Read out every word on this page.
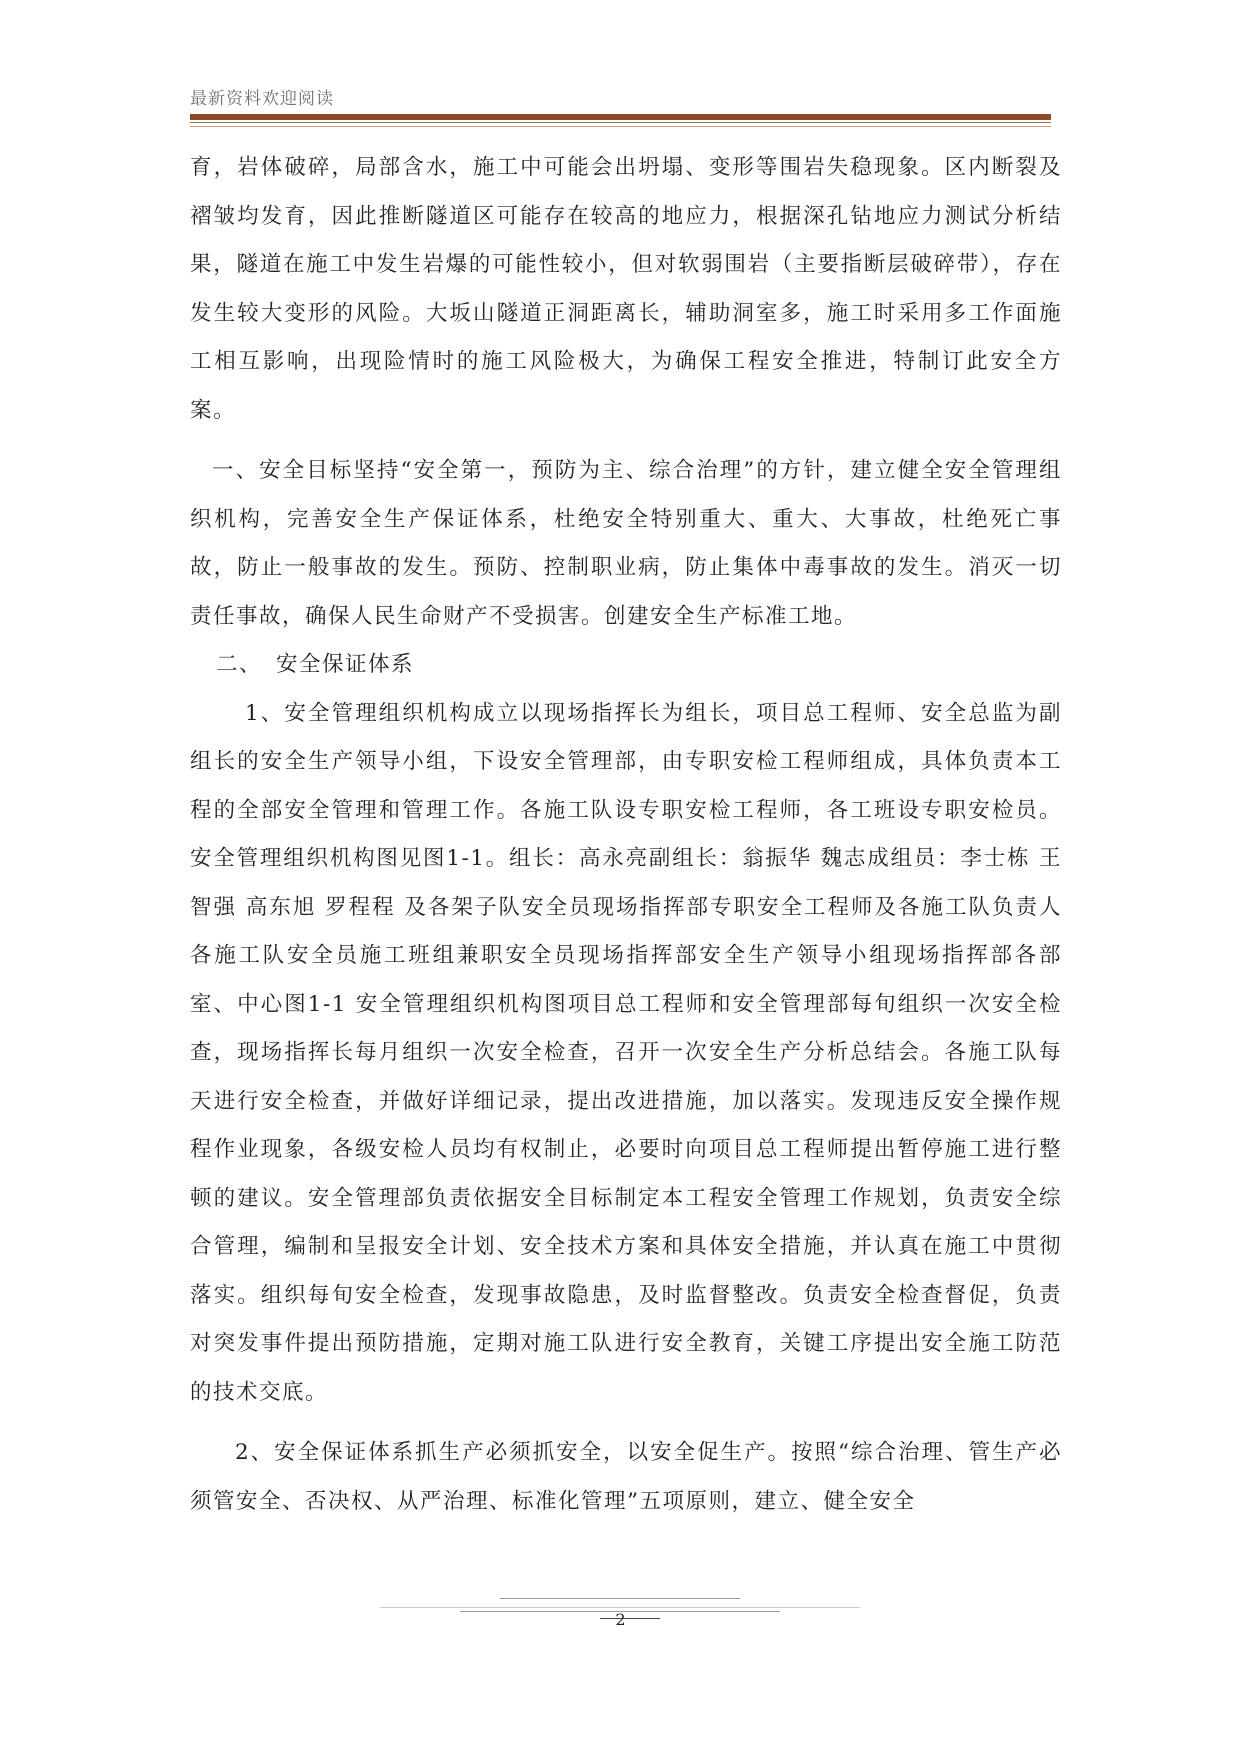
最新资料欢迎阅读

育，岩体破碎，局部含水，施工中可能会出坍塌、变形等围岩失稳现象。区内断裂及褶皱均发育，因此推断隧道区可能存在较高的地应力，根据深孔钻地应力测试分析结果，隧道在施工中发生岩爆的可能性较小，但对软弱围岩（主要指断层破碎带），存在发生较大变形的风险。大坂山隧道正洞距离长，辅助洞室多，施工时采用多工作面施工相互影响，出现险情时的施工风险极大，为确保工程安全推进，特制订此安全方案。

一、安全目标坚持“安全第一，预防为主、综合治理”的方针，建立健全安全管理组织机构，完善安全生产保证体系，杜绝安全特别重大、重大、大事故，杜绝死亡事故，防止一般事故的发生。预防、控制职业病，防止集体中毒事故的发生。消灭一切责任事故，确保人民生命财产不受损害。创建安全生产标准工地。

二、 安全保证体系

1、安全管理组织机构成立以现场指挥长为组长，项目总工程师、安全总监为副组长的安全生产领导小组，下设安全管理部，由专职安检工程师组成，具体负责本工程的全部安全管理和管理工作。各施工队设专职安检工程师，各工班设专职安检员。安全管理组织机构图见图1-1。组长：高永亮副组长：翁振华 魏志成组员：李士栋 王智强 高东旭 罗程程 及各架子队安全员现场指挥部专职安全工程师及各施工队负责人各施工队安全员施工班组兼职安全员现场指挥部安全生产领导小组现场指挥部各部室、中心图1-1 安全管理组织机构图项目总工程师和安全管理部每旬组织一次安全检查，现场指挥长每月组织一次安全检查，召开一次安全生产分析总结会。各施工队每天进行安全检查，并做好详细记录，提出改进措施，加以落实。发现违反安全操作规程作业现象，各级安检人员均有权制止，必要时向项目总工程师提出暂停施工进行整顿的建议。安全管理部负责依据安全目标制定本工程安全管理工作规划，负责安全综合管理，编制和呈报安全计划、安全技术方案和具体安全措施，并认真在施工中贯彻落实。组织每旬安全检查，发现事故隐患，及时监督整改。负责安全检查督促，负责对突发事件提出预防措施，定期对施工队进行安全教育，关键工序提出安全施工防范的技术交底。

2、安全保证体系抓生产必须抓安全，以安全促生产。按照“综合治理、管生产必须管安全、否决权、从严治理、标准化管理”五项原则，建立、健全安全

2
